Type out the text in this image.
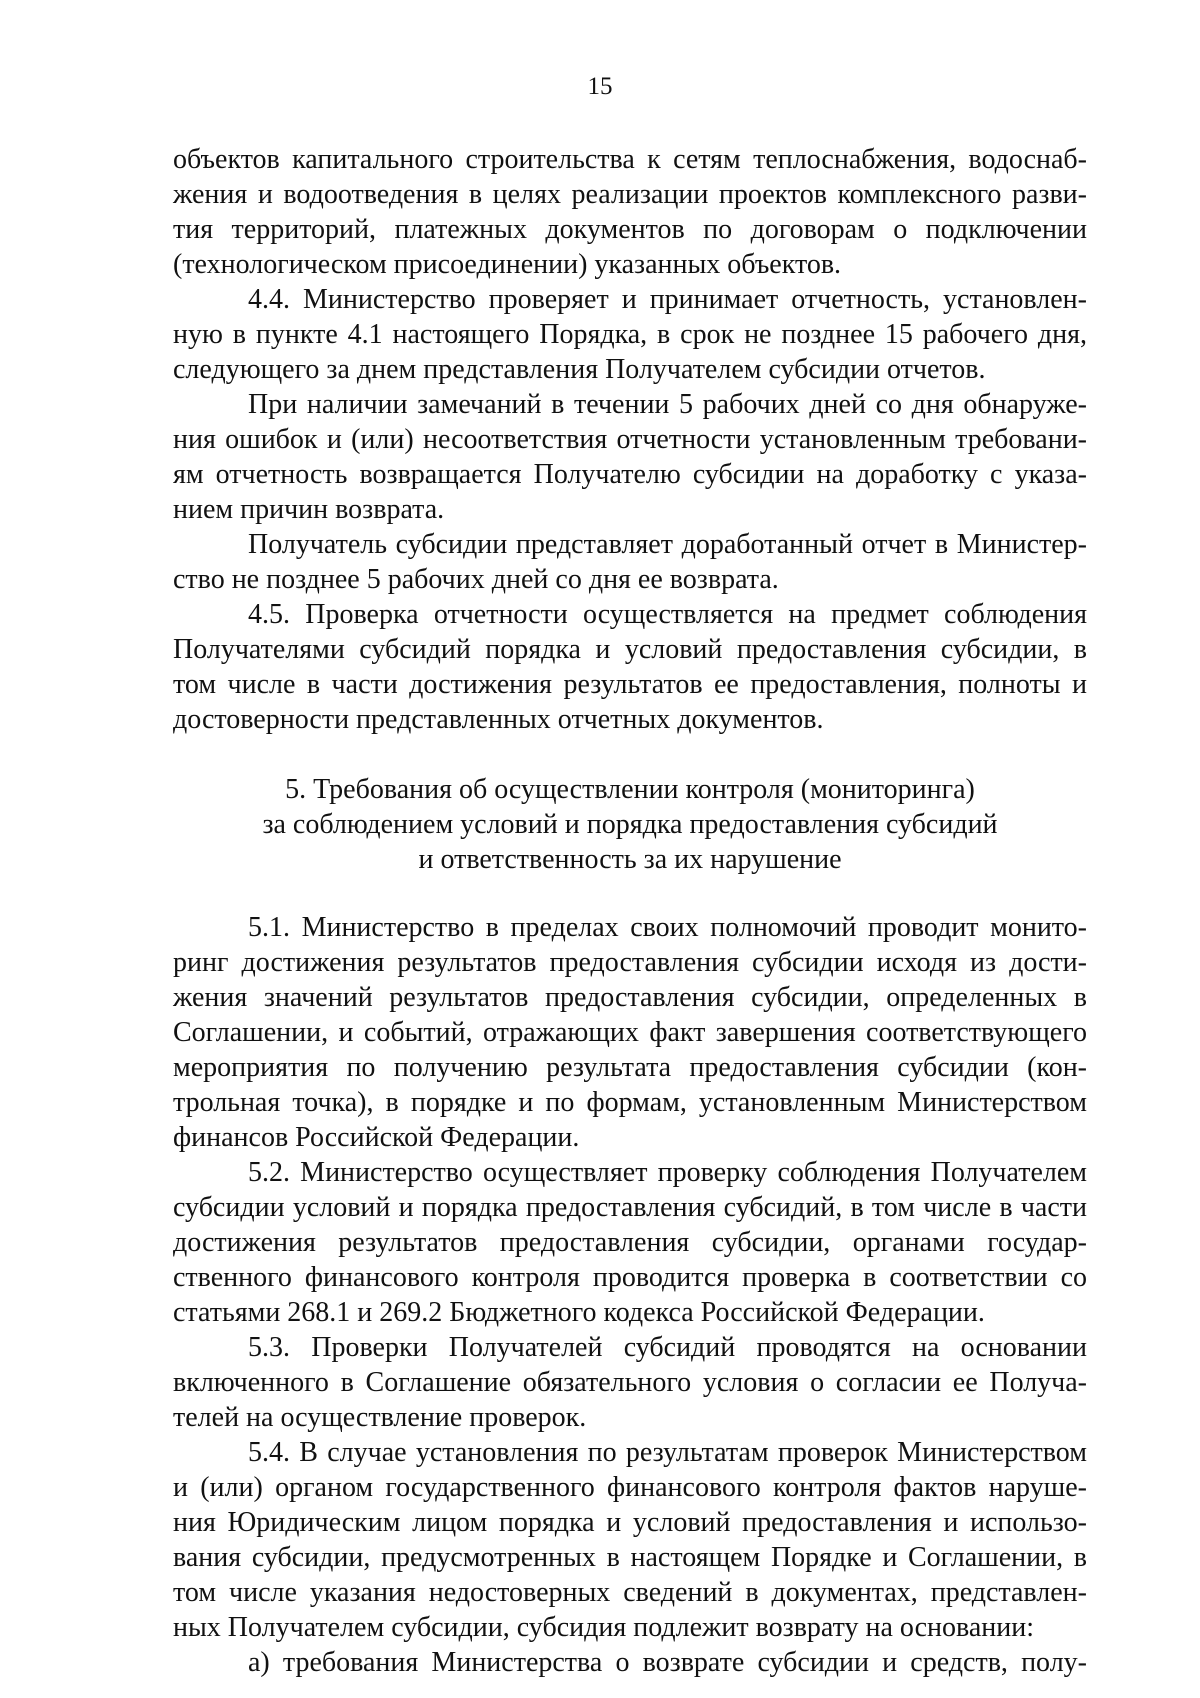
15
объектов капитального строительства к сетям теплоснабжения, водоснаб-
жения и водоотведения в целях реализации проектов комплексного разви-
тия территорий, платежных документов по договорам о подключении
(технологическом присоединении) указанных объектов.
4.4. Министерство проверяет и принимает отчетность, установлен-
ную в пункте 4.1 настоящего Порядка, в срок не позднее 15 рабочего дня,
следующего за днем представления Получателем субсидии отчетов.
При наличии замечаний в течении 5 рабочих дней со дня обнаруже-
ния ошибок и (или) несоответствия отчетности установленным требовани-
ям отчетность возвращается Получателю субсидии на доработку с указа-
нием причин возврата.
Получатель субсидии представляет доработанный отчет в Министер-
ство не позднее 5 рабочих дней со дня ее возврата.
4.5. Проверка отчетности осуществляется на предмет соблюдения
Получателями субсидий порядка и условий предоставления субсидии, в
том числе в части достижения результатов ее предоставления, полноты и
достоверности представленных отчетных документов.
5. Требования об осуществлении контроля (мониторинга)
за соблюдением условий и порядка предоставления субсидий
и ответственность за их нарушение
5.1. Министерство в пределах своих полномочий проводит монито-
ринг достижения результатов предоставления субсидии исходя из дости-
жения значений результатов предоставления субсидии, определенных в
Соглашении, и событий, отражающих факт завершения соответствующего
мероприятия по получению результата предоставления субсидии (кон-
трольная точка), в порядке и по формам, установленным Министерством
финансов Российской Федерации.
5.2. Министерство осуществляет проверку соблюдения Получателем
субсидии условий и порядка предоставления субсидий, в том числе в части
достижения результатов предоставления субсидии, органами государ-
ственного финансового контроля проводится проверка в соответствии со
статьями 268.1 и 269.2 Бюджетного кодекса Российской Федерации.
5.3. Проверки Получателей субсидий проводятся на основании
включенного в Соглашение обязательного условия о согласии ее Получа-
телей на осуществление проверок.
5.4. В случае установления по результатам проверок Министерством
и (или) органом государственного финансового контроля фактов наруше-
ния Юридическим лицом порядка и условий предоставления и использо-
вания субсидии, предусмотренных в настоящем Порядке и Соглашении, в
том числе указания недостоверных сведений в документах, представлен-
ных Получателем субсидии, субсидия подлежит возврату на основании:
а) требования Министерства о возврате субсидии и средств, полу-
